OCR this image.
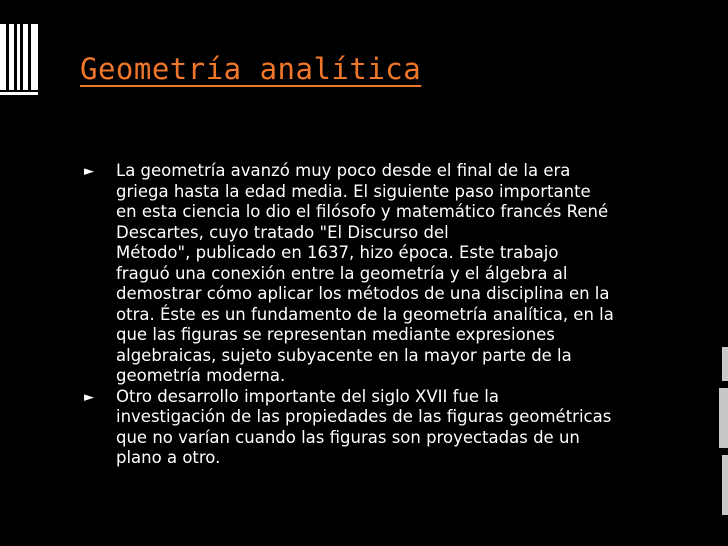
Geometría analítica
► La geometría avanzó muy poco desde el final de la era
griega hasta la edad media. El siguiente paso importante
en esta ciencia lo dio el filósofo y matemático francés René
Descartes, cuyo tratado "El Discurso del
Método", publicado en 1637, hizo época. Este trabajo
fraguó una conexión entre la geometría y el álgebra al
demostrar cómo aplicar los métodos de una disciplina en la
otra. Éste es un fundamento de la geometría analítica, en la
que las figuras se representan mediante expresiones
algebraicas, sujeto subyacente en la mayor parte de la
geometría moderna.
► Otro desarrollo importante del siglo XVII fue la
investigación de las propiedades de las figuras geométricas
que no varían cuando las figuras son proyectadas de un
plano a otro.
